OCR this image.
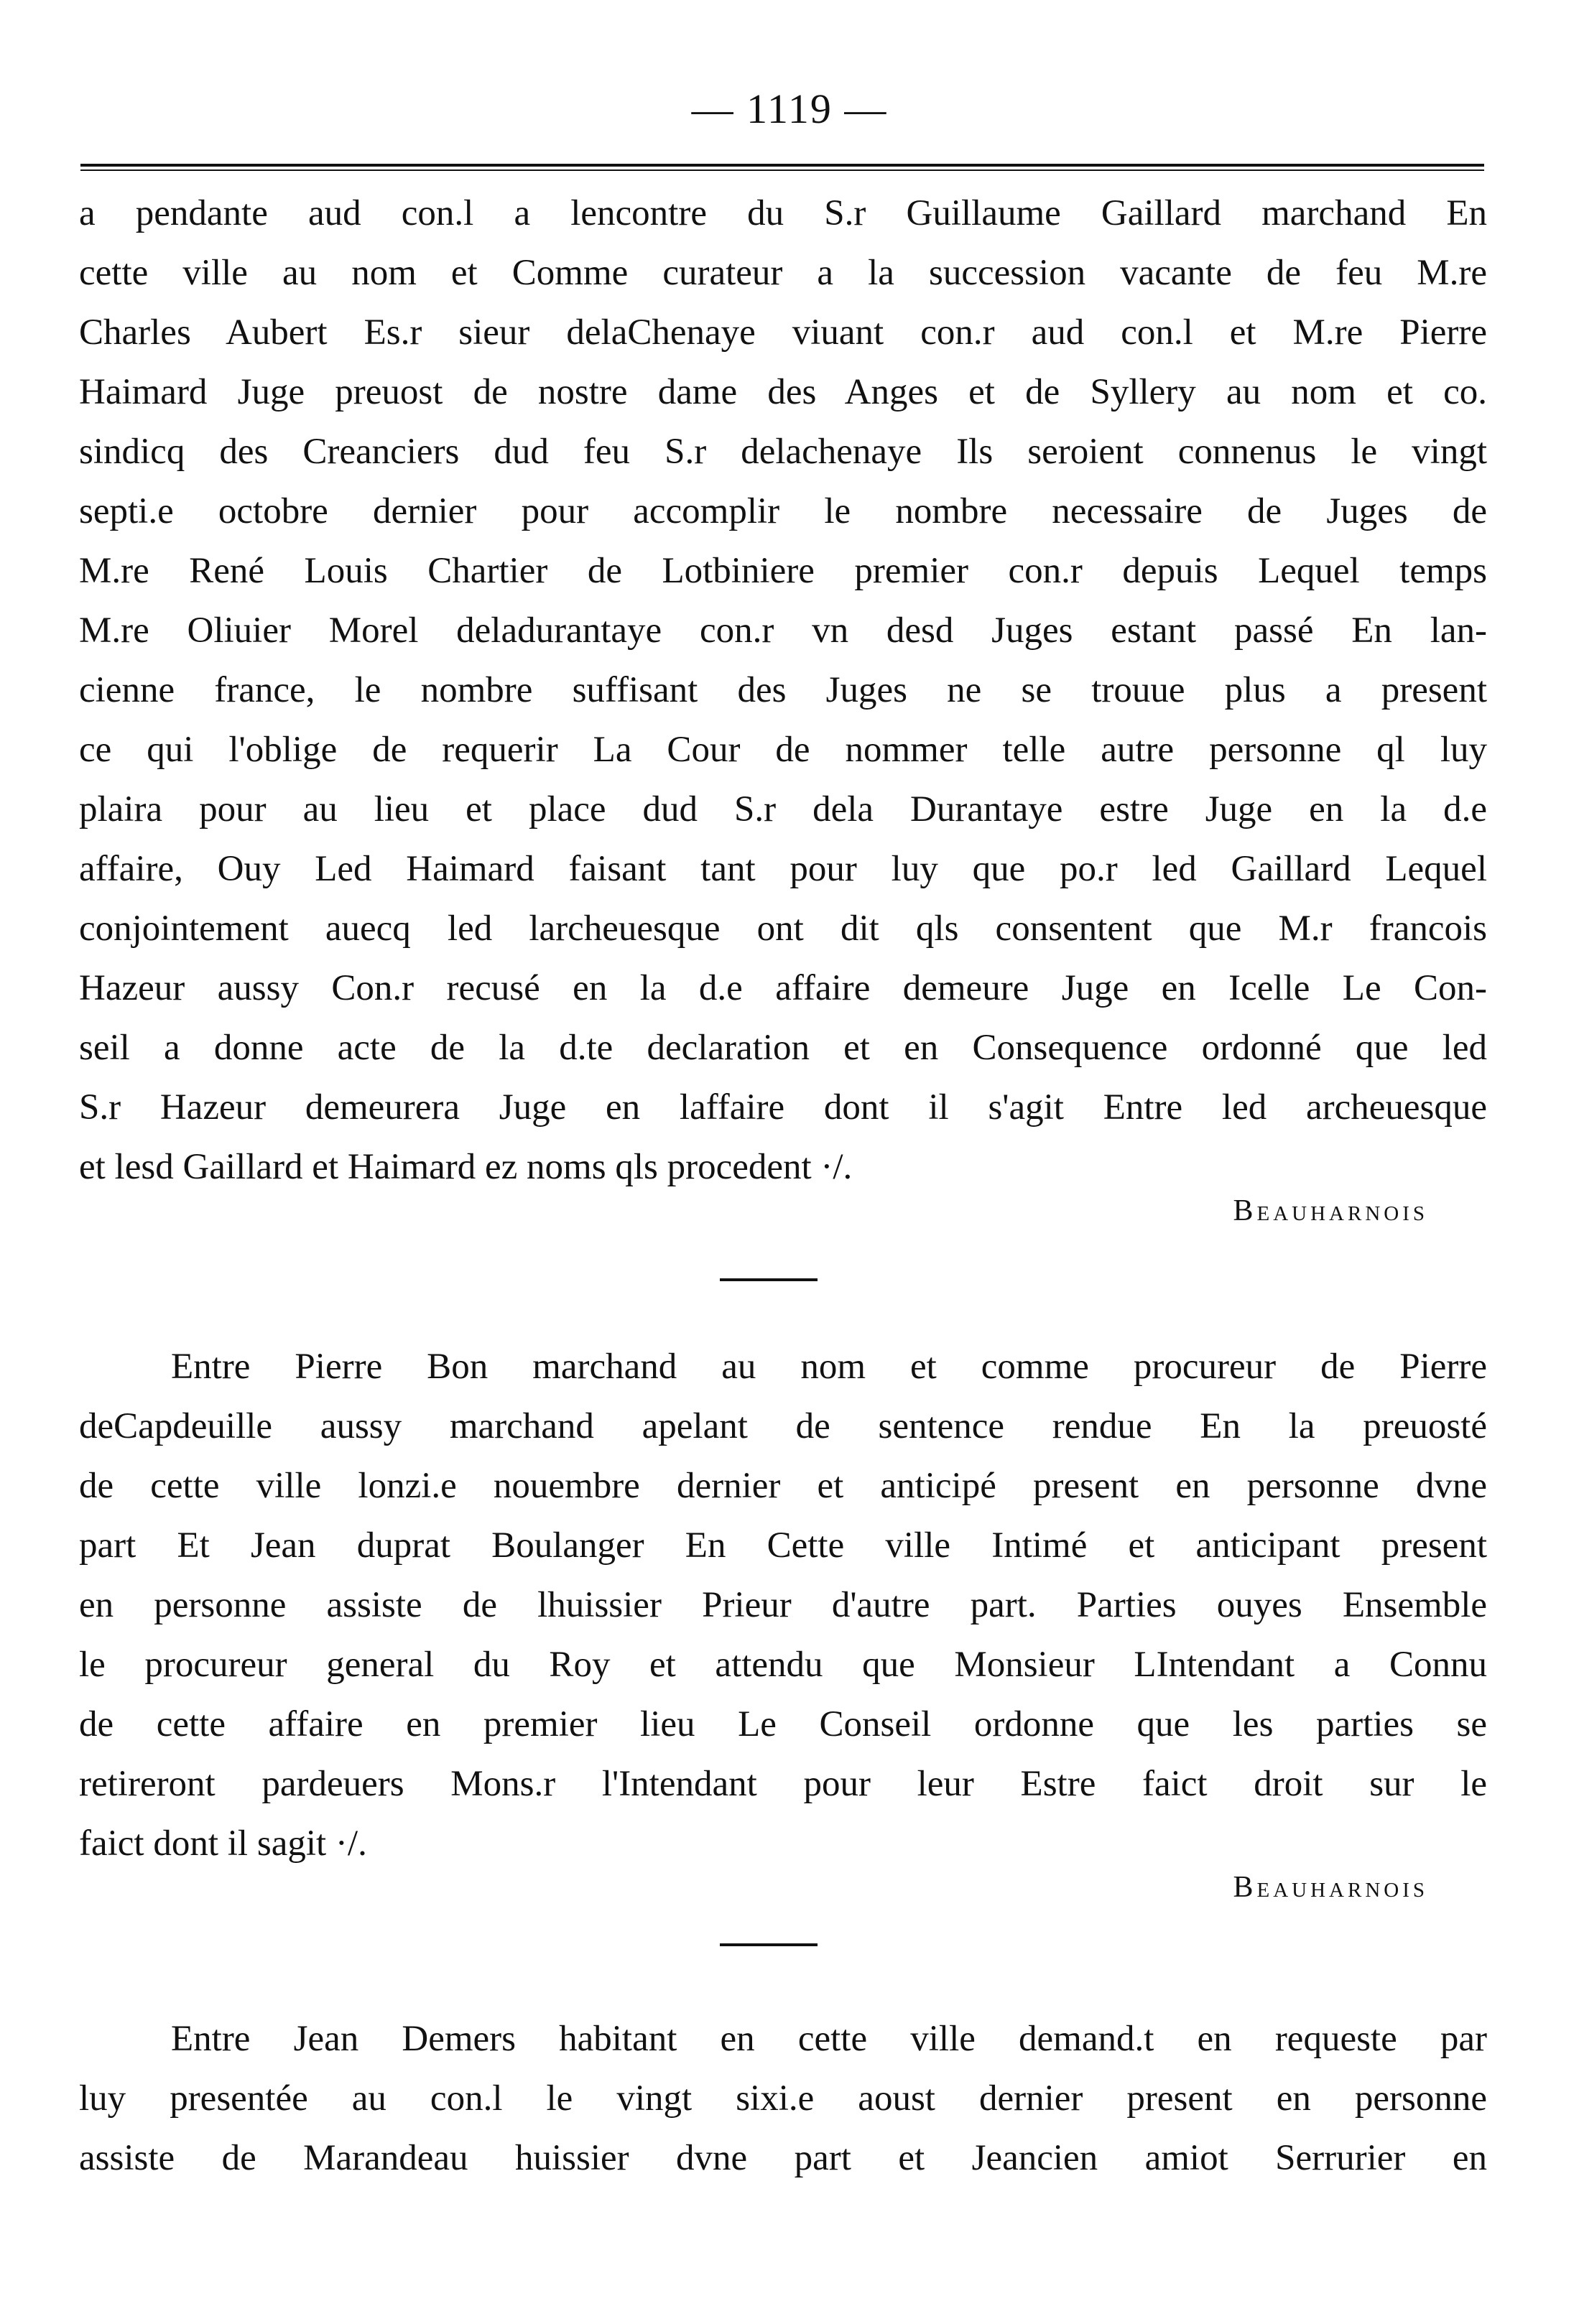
— 1119 —
a pendante aud con.l a lencontre du S.r Guillaume Gaillard marchand En
cette ville au nom et Comme curateur a la succession vacante de feu M.re
Charles Aubert Es.r sieur delaChenaye viuant con.r aud con.l et M.re Pierre
Haimard Juge preuost de nostre dame des Anges et de Syllery au nom et co.
sindicq des Creanciers dud feu S.r delachenaye Ils seroient connenus le vingt
septi.e octobre dernier pour accomplir le nombre necessaire de Juges de
M.re René Louis Chartier de Lotbiniere premier con.r depuis Lequel temps
M.re Oliuier Morel deladurantaye con.r vn desd Juges estant passé En lan-
cienne france, le nombre suffisant des Juges ne se trouue plus a present
ce qui l'oblige de requerir La Cour de nommer telle autre personne ql luy
plaira pour au lieu et place dud S.r dela Durantaye estre Juge en la d.e
affaire, Ouy Led Haimard faisant tant pour luy que po.r led Gaillard Lequel
conjointement auecq led larcheuesque ont dit qls consentent que M.r francois
Hazeur aussy Con.r recusé en la d.e affaire demeure Juge en Icelle Le Con-
seil a donne acte de la d.te declaration et en Consequence ordonné que led
S.r Hazeur demeurera Juge en laffaire dont il s'agit Entre led archeuesque
et lesd Gaillard et Haimard ez noms qls procedent ·/.
Beauharnois
Entre Pierre Bon marchand au nom et comme procureur de Pierre
deCapdeuille aussy marchand apelant de sentence rendue En la preuosté
de cette ville lonzi.e nouembre dernier et anticipé present en personne dvne
part Et Jean duprat Boulanger En Cette ville Intimé et anticipant present
en personne assiste de lhuissier Prieur d'autre part. Parties ouyes Ensemble
le procureur general du Roy et attendu que Monsieur LIntendant a Connu
de cette affaire en premier lieu Le Conseil ordonne que les parties se
retireront pardeuers Mons.r l'Intendant pour leur Estre faict droit sur le
faict dont il sagit ·/.
Beauharnois
Entre Jean Demers habitant en cette ville demand.t en requeste par
luy presentée au con.l le vingt sixi.e aoust dernier present en personne
assiste de Marandeau huissier dvne part et Jeancien amiot Serrurier en
